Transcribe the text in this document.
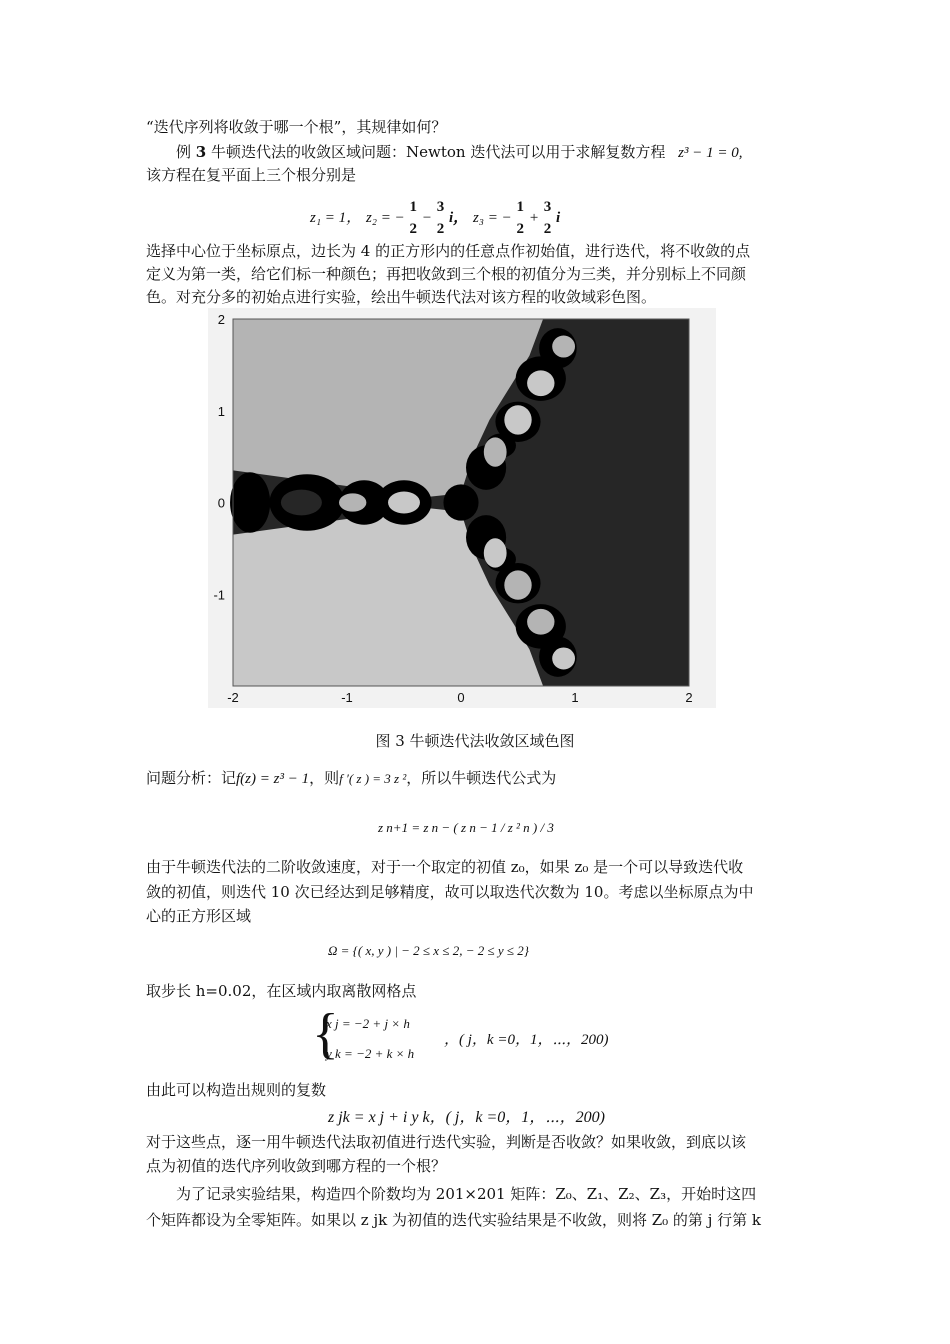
“迭代序列将收敛于哪一个根”，其规律如何？
例 3 牛顿迭代法的收敛区域问题：Newton 迭代法可以用于求解复数方程 z³ − 1 = 0,
该方程在复平面上三个根分别是
z₁ = 1， z₂ = −
1
2
−
3
2
i， z₃ = −
1
2
+
3
2
i
选择中心位于坐标原点，边长为 4 的正方形内的任意点作初始值，进行迭代，将不收敛的点
定义为第一类，给它们标一种颜色；再把收敛到三个根的初值分为三类，并分别标上不同颜
色。对充分多的初始点进行实验，绘出牛顿迭代法对该方程的收敛域彩色图。
-2	-1	0	1	2
2
1
0
-1
图 3 牛顿迭代法收敛区域色图
问题分析：记f(z) = z³ − 1，则f ′( z ) = 3 z ²，所以牛顿迭代公式为
z n+1 = z n − ( z n − 1 / z ² n ) / 3
由于牛顿迭代法的二阶收敛速度，对于一个取定的初值 z₀，如果 z₀ 是一个可以导致迭代收
敛的初值，则迭代 10 次已经达到足够精度，故可以取迭代次数为 10。考虑以坐标原点为中
心的正方形区域
Ω = {( x, y ) | − 2 ≤ x ≤ 2, − 2 ≤ y ≤ 2}
取步长 h=0.02，在区域内取离散网格点
{
x j = −2 + j × h
y k = −2 + k × h
，( j，k =0，1，⋯，200)
由此可以构造出规则的复数
z jk = x j + i y k，( j，k =0，1，⋯，200)
对于这些点，逐一用牛顿迭代法取初值进行迭代实验，判断是否收敛？如果收敛，到底以该
点为初值的迭代序列收敛到哪方程的一个根？
为了记录实验结果，构造四个阶数均为 201×201 矩阵：Z₀、Z₁、Z₂、Z₃，开始时这四
个矩阵都设为全零矩阵。如果以 z jk 为初值的迭代实验结果是不收敛，则将 Z₀ 的第 j 行第 k
